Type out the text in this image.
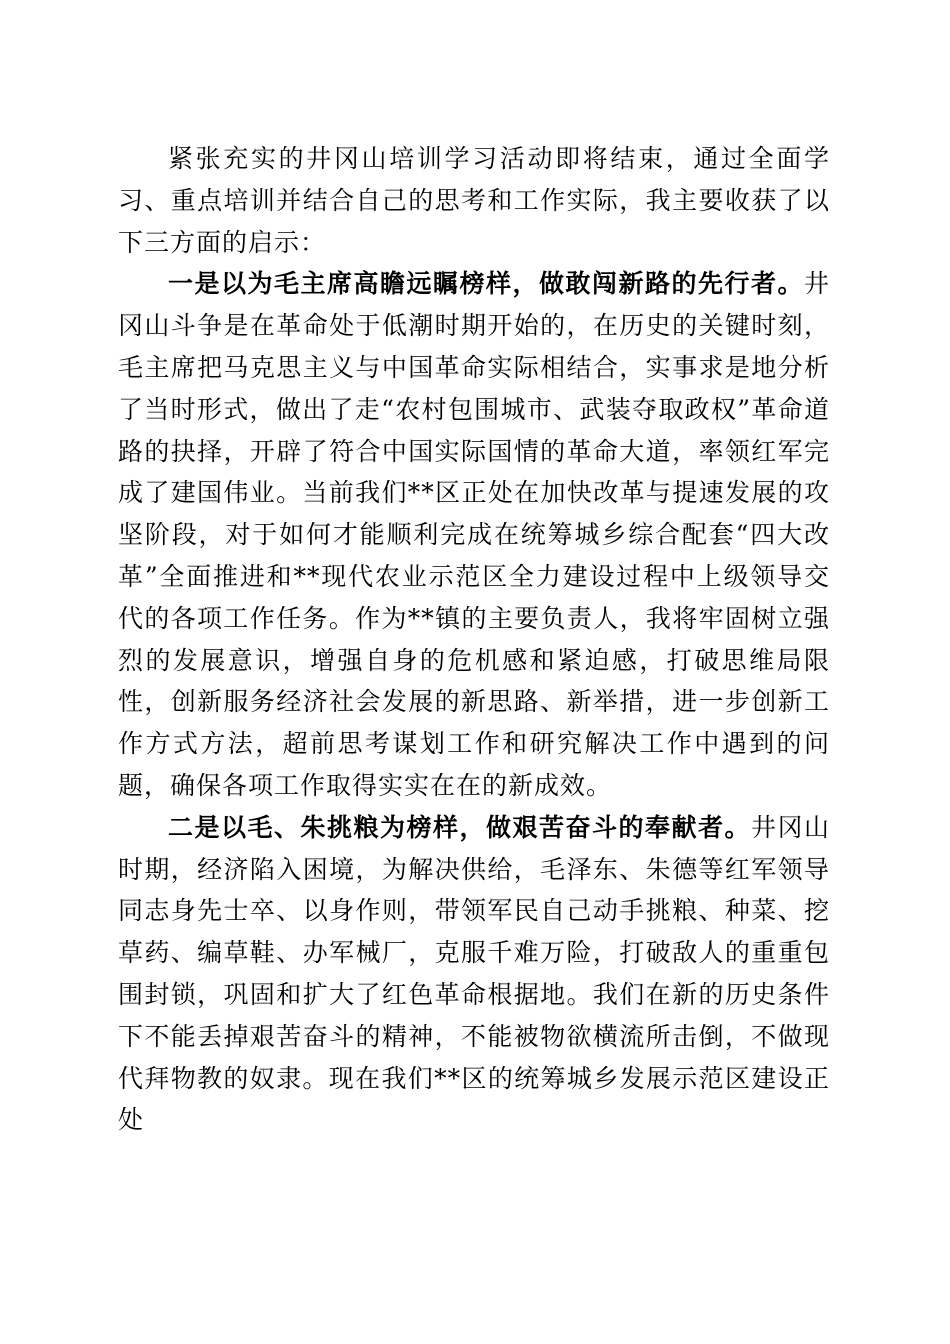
紧张充实的井冈山培训学习活动即将结束，通过全面学习、重点培训并结合自己的思考和工作实际，我主要收获了以下三方面的启示：

一是以为毛主席高瞻远瞩榜样，做敢闯新路的先行者。井冈山斗争是在革命处于低潮时期开始的，在历史的关键时刻，毛主席把马克思主义与中国革命实际相结合，实事求是地分析了当时形式，做出了走“农村包围城市、武装夺取政权”革命道路的抉择，开辟了符合中国实际国情的革命大道，率领红军完成了建国伟业。当前我们**区正处在加快改革与提速发展的攻坚阶段，对于如何才能顺利完成在统筹城乡综合配套“四大改革”全面推进和**现代农业示范区全力建设过程中上级领导交代的各项工作任务。作为**镇的主要负责人，我将牢固树立强烈的发展意识，增强自身的危机感和紧迫感，打破思维局限性，创新服务经济社会发展的新思路、新举措，进一步创新工作方式方法，超前思考谋划工作和研究解决工作中遇到的问题，确保各项工作取得实实在在的新成效。

二是以毛、朱挑粮为榜样，做艰苦奋斗的奉献者。井冈山时期，经济陷入困境，为解决供给，毛泽东、朱德等红军领导同志身先士卒、以身作则，带领军民自己动手挑粮、种菜、挖草药、编草鞋、办军械厂，克服千难万险，打破敌人的重重包围封锁，巩固和扩大了红色革命根据地。我们在新的历史条件下不能丢掉艰苦奋斗的精神，不能被物欲横流所击倒，不做现代拜物教的奴隶。现在我们**区的统筹城乡发展示范区建设正处
